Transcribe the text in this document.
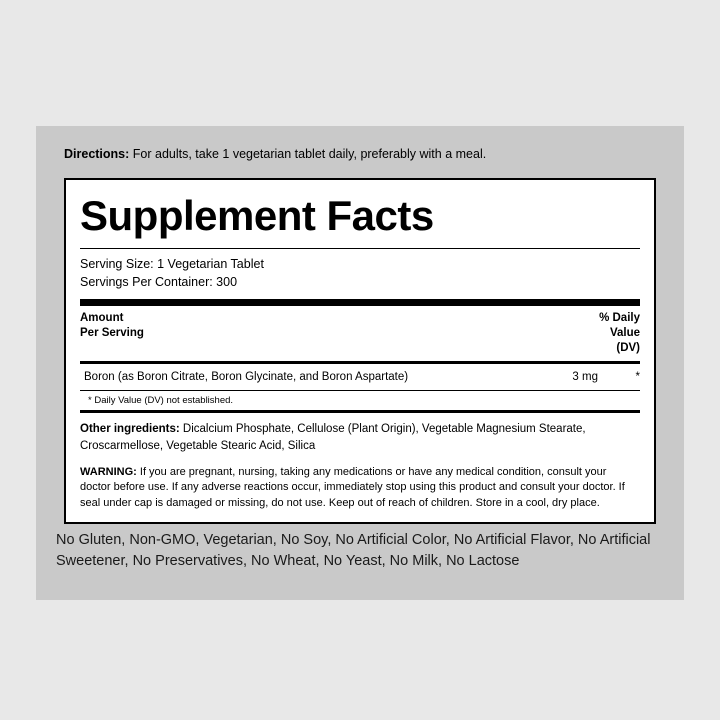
Directions: For adults, take 1 vegetarian tablet daily, preferably with a meal.
Supplement Facts
Serving Size: 1 Vegetarian Tablet
Servings Per Container: 300
Amount
Per Serving
% Daily
Value
(DV)
Boron (as Boron Citrate, Boron Glycinate, and Boron Aspartate)	3 mg	*
* Daily Value (DV) not established.
Other ingredients: Dicalcium Phosphate, Cellulose (Plant Origin), Vegetable Magnesium Stearate, Croscarmellose, Vegetable Stearic Acid, Silica
WARNING: If you are pregnant, nursing, taking any medications or have any medical condition, consult your doctor before use. If any adverse reactions occur, immediately stop using this product and consult your doctor. If seal under cap is damaged or missing, do not use. Keep out of reach of children. Store in a cool, dry place.
No Gluten, Non-GMO, Vegetarian, No Soy, No Artificial Color, No Artificial Flavor, No Artificial Sweetener, No Preservatives, No Wheat, No Yeast, No Milk, No Lactose
